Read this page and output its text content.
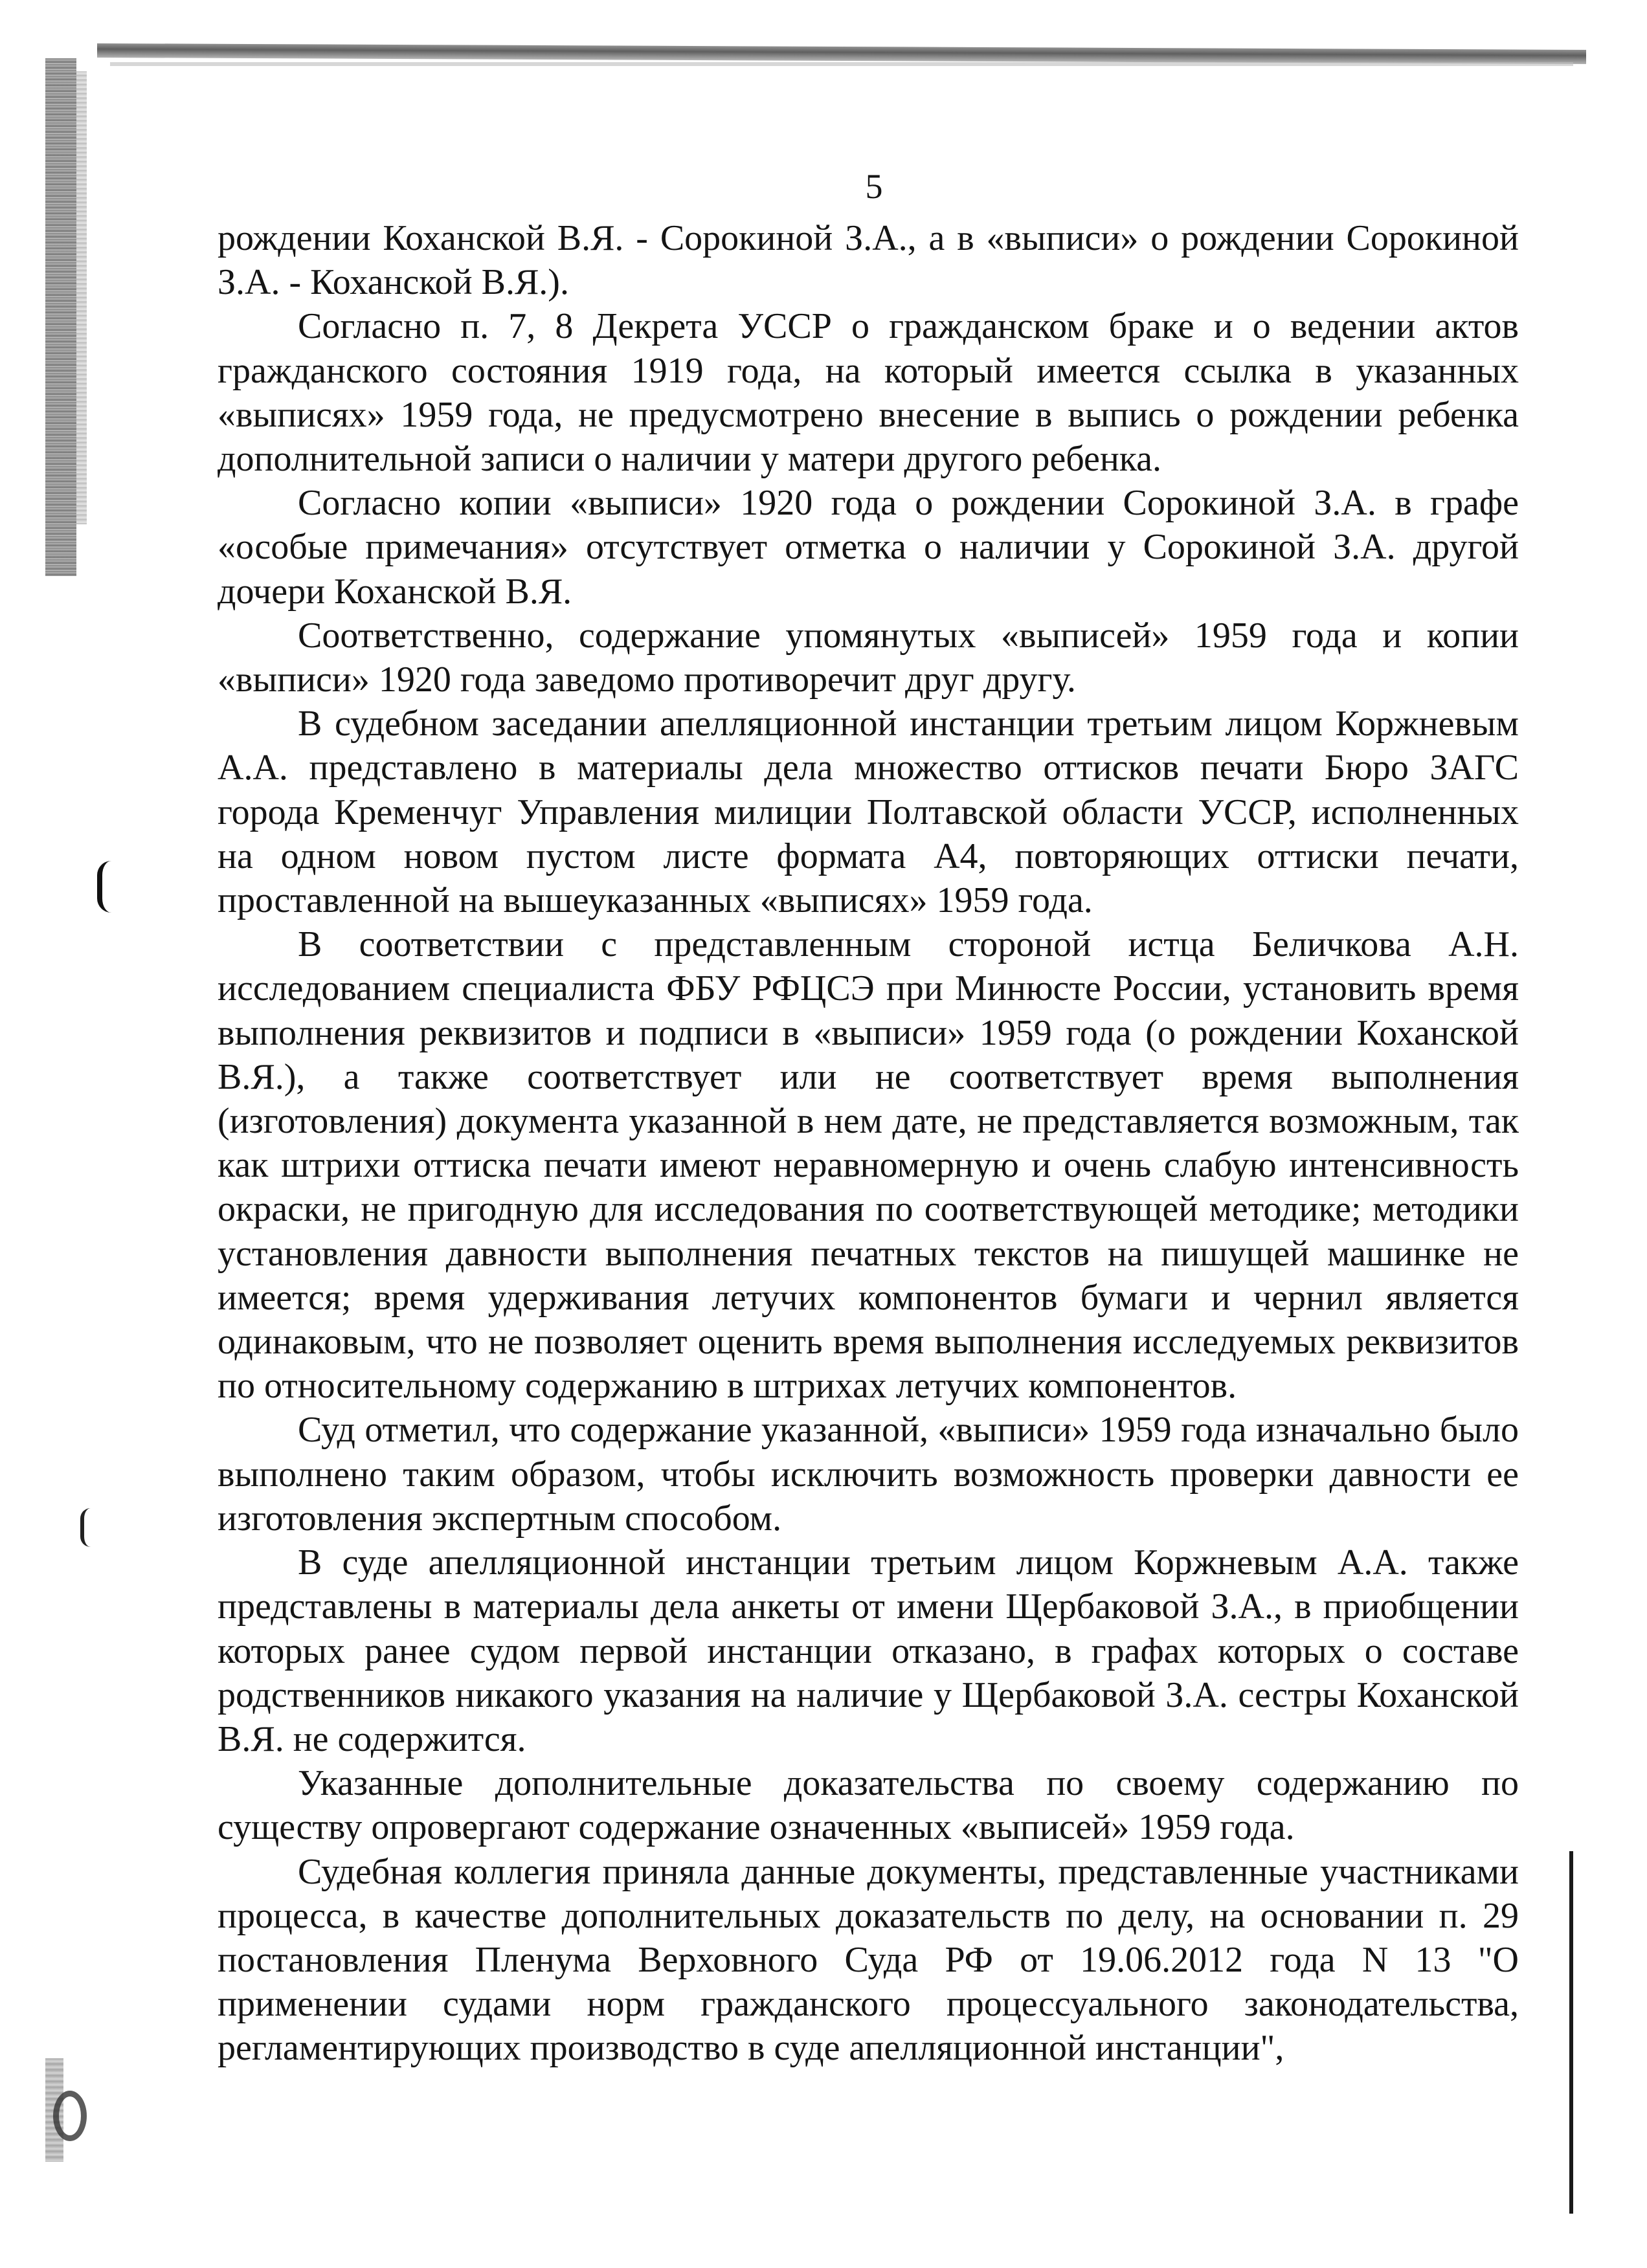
5

рождении Коханской В.Я. - Сорокиной З.А., а в «выписи» о рождении Сорокиной З.А. - Коханской В.Я.).

Согласно п. 7, 8 Декрета УССР о гражданском браке и о ведении актов гражданского состояния 1919 года, на который имеется ссылка в указанных «выписях» 1959 года, не предусмотрено внесение в выпись о рождении ребенка дополнительной записи о наличии у матери другого ребенка.

Согласно копии «выписи» 1920 года о рождении Сорокиной З.А. в графе «особые примечания» отсутствует отметка о наличии у Сорокиной З.А. другой дочери Коханской В.Я.

Соответственно, содержание упомянутых «выписей» 1959 года и копии «выписи» 1920 года заведомо противоречит друг другу.

В судебном заседании апелляционной инстанции третьим лицом Коржневым А.А. представлено в материалы дела множество оттисков печати Бюро ЗАГС города Кременчуг Управления милиции Полтавской области УССР, исполненных на одном новом пустом листе формата А4, повторяющих оттиски печати, проставленной на вышеуказанных «выписях» 1959 года.

В соответствии с представленным стороной истца Беличкова А.Н. исследованием специалиста ФБУ РФЦСЭ при Минюсте России, установить время выполнения реквизитов и подписи в «выписи» 1959 года (о рождении Коханской В.Я.), а также соответствует или не соответствует время выполнения (изготовления) документа указанной в нем дате, не представляется возможным, так как штрихи оттиска печати имеют неравномерную и очень слабую интенсивность окраски, не пригодную для исследования по соответствующей методике; методики установления давности выполнения печатных текстов на пишущей машинке не имеется; время удерживания летучих компонентов бумаги и чернил является одинаковым, что не позволяет оценить время выполнения исследуемых реквизитов по относительному содержанию в штрихах летучих компонентов.

Суд отметил, что содержание указанной, «выписи» 1959 года изначально было выполнено таким образом, чтобы исключить возможность проверки давности ее изготовления экспертным способом.

В суде апелляционной инстанции третьим лицом Коржневым А.А. также представлены в материалы дела анкеты от имени Щербаковой З.А., в приобщении которых ранее судом первой инстанции отказано, в графах которых о составе родственников никакого указания на наличие у Щербаковой З.А. сестры Коханской В.Я. не содержится.

Указанные дополнительные доказательства по своему содержанию по существу опровергают содержание означенных «выписей» 1959 года.

Судебная коллегия приняла данные документы, представленные участниками процесса, в качестве дополнительных доказательств по делу, на основании п. 29 постановления Пленума Верховного Суда РФ от 19.06.2012 года N 13 "О применении судами норм гражданского процессуального законодательства, регламентирующих производство в суде апелляционной инстанции",
